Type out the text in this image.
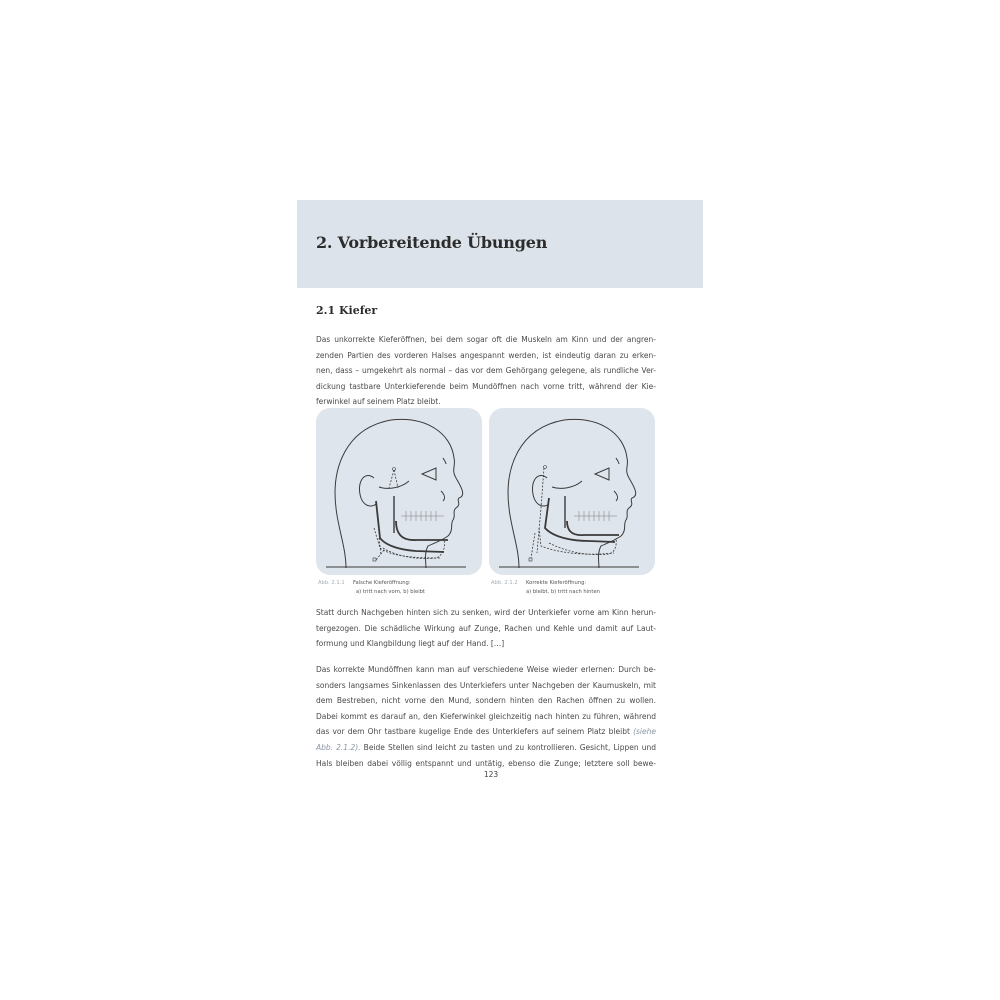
2. Vorbereitende Übungen
2.1 Kiefer

Das unkorrekte Kieferöffnen, bei dem sogar oft die Muskeln am Kinn und der angren-
zenden Partien des vorderen Halses angespannt werden, ist eindeutig daran zu erken-
nen, dass – umgekehrt als normal – das vor dem Gehörgang gelegene, als rundliche Ver-
dickung tastbare Unterkieferende beim Mundöffnen nach vorne tritt, während der Kie-
ferwinkel auf seinem Platz bleibt.

Abb. 2.1.1 Falsche Kieferöffnung:
a) tritt nach vorn, b) bleibt
Abb. 2.1.2 Korrekte Kieferöffnung:
a) bleibt, b) tritt nach hinten

Statt durch Nachgeben hinten sich zu senken, wird der Unterkiefer vorne am Kinn herun-
tergezogen. Die schädliche Wirkung auf Zunge, Rachen und Kehle und damit auf Laut-
formung und Klangbildung liegt auf der Hand. […]

Das korrekte Mundöffnen kann man auf verschiedene Weise wieder erlernen: Durch be-
sonders langsames Sinkenlassen des Unterkiefers unter Nachgeben der Kaumuskeln, mit
dem Bestreben, nicht vorne den Mund, sondern hinten den Rachen öffnen zu wollen.
Dabei kommt es darauf an, den Kieferwinkel gleichzeitig nach hinten zu führen, während
das vor dem Ohr tastbare kugelige Ende des Unterkiefers auf seinem Platz bleibt (siehe
Abb. 2.1.2). Beide Stellen sind leicht zu tasten und zu kontrollieren. Gesicht, Lippen und
Hals bleiben dabei völlig entspannt und untätig, ebenso die Zunge; letztere soll bewe-

123
